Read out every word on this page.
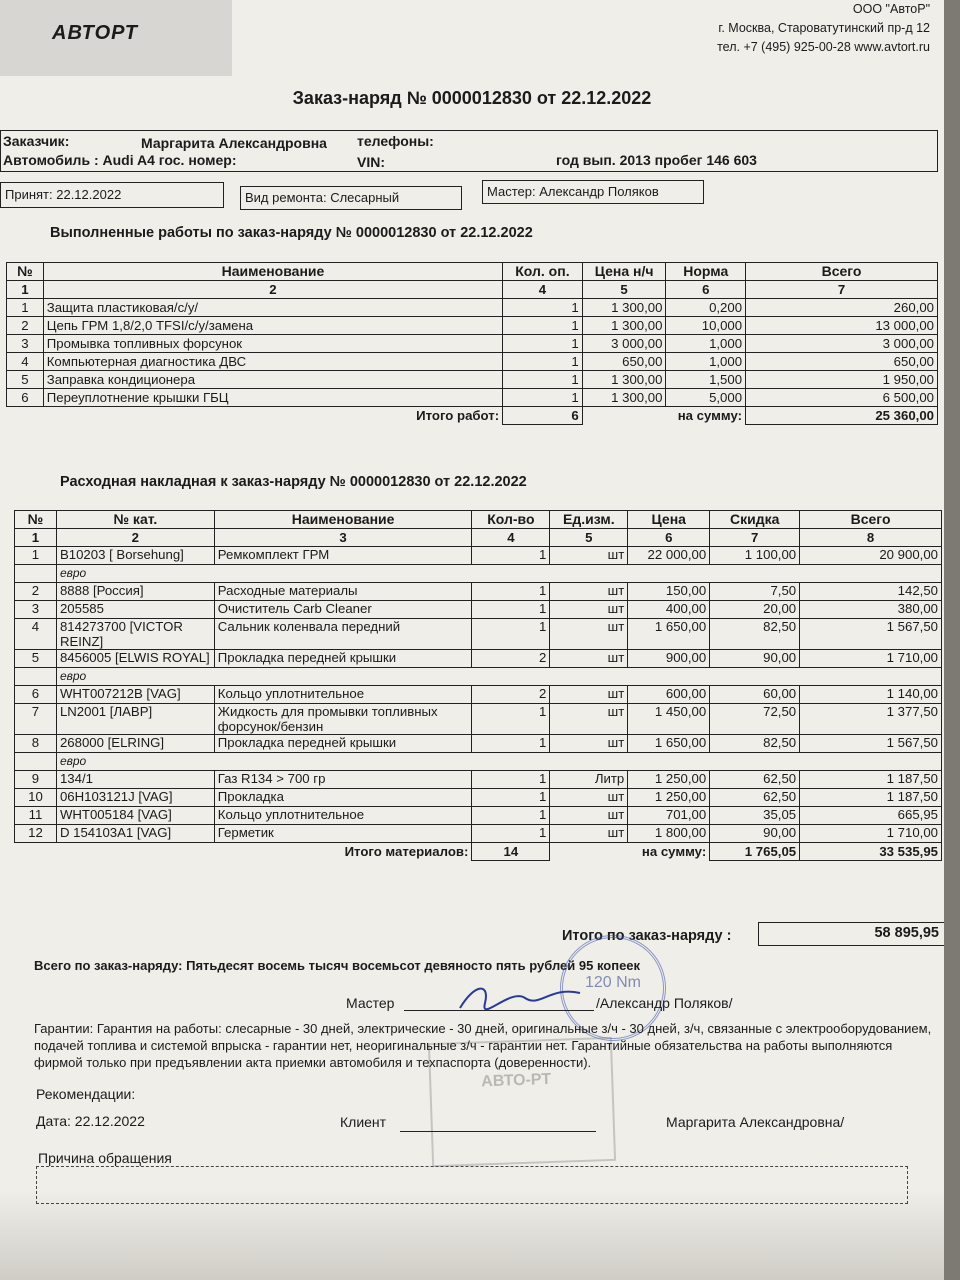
АВТОРТ
ООО "АвтоР"
г. Москва, Староватутинский пр-д 12
тел. +7 (495) 925-00-28 www.avtort.ru
Заказ-наряд № 0000012830 от 22.12.2022
Заказчик:	Маргарита Александровна телефоны:
Автомобиль : Audi A4 гос. номер:	VIN:	год вып. 2013 пробег 146 603
Принят: 22.12.2022	Вид ремонта: Слесарный	Мастер: Александр Поляков
Выполненные работы по заказ-наряду № 0000012830 от 22.12.2022
№	Наименование	Кол. оп.	Цена н/ч	Норма	Всего
1	2	4	5	6	7
1	Защита пластиковая/с/у/	1	1 300,00	0,200	260,00
2	Цепь ГРМ 1,8/2,0 TFSI/с/у/замена	1	1 300,00	10,000	13 000,00
3	Промывка топливных форсунок	1	3 000,00	1,000	3 000,00
4	Компьютерная диагностика ДВС	1	650,00	1,000	650,00
5	Заправка кондиционера	1	1 300,00	1,500	1 950,00
6	Переуплотнение крышки ГБЦ	1	1 300,00	5,000	6 500,00
Итого работ:		6	на сумму:		25 360,00
Расходная накладная к заказ-наряду № 0000012830 от 22.12.2022
№	№ кат.	Наименование	Кол-во	Ед.изм.	Цена	Скидка	Всего
1	2	3	4	5	6	7	8
1	B10203 [ Borsehung]	Ремкомплект ГРМ	1	шт	22 000,00	1 100,00	20 900,00
	евро						
2	8888 [Россия]	Расходные материалы	1	шт	150,00	7,50	142,50
3	205585	Очиститель Carb Cleaner	1	шт	400,00	20,00	380,00
4	814273700 [VICTOR REINZ]	Сальник коленвала передний	1	шт	1 650,00	82,50	1 567,50
5	8456005 [ELWIS ROYAL]	Прокладка передней крышки	2	шт	900,00	90,00	1 710,00
	евро						
6	WHT007212B [VAG]	Кольцо уплотнительное	2	шт	600,00	60,00	1 140,00
7	LN2001 [ЛАВР]	Жидкость для промывки топливных форсунок/бензин	1	шт	1 450,00	72,50	1 377,50
8	268000 [ELRING]	Прокладка передней крышки	1	шт	1 650,00	82,50	1 567,50
	евро						
9	134/1	Газ R134 > 700 гр	1	Литр	1 250,00	62,50	1 187,50
10	06H103121J [VAG]	Прокладка	1	шт	1 250,00	62,50	1 187,50
11	WHT005184 [VAG]	Кольцо уплотнительное	1	шт	701,00	35,05	665,95
12	D 154103A1 [VAG]	Герметик	1	шт	1 800,00	90,00	1 710,00
Итого материалов:			14	на сумму:		1 765,05	33 535,95
Итого по заказ-наряду :	58 895,95
Всего по заказ-наряду: Пятьдесят восемь тысяч восемьсот девяносто пять рублей 95 копеек
120 Nm
АВТО-РТ
Мастер	/Александр Поляков/
Гарантии: Гарантия на работы: слесарные - 30 дней, электрические - 30 дней, оригинальные з/ч - 30 дней, з/ч, связанные с электрооборудованием, подачей топлива и системой впрыска - гарантии нет, неоригинальные з/ч - гарантии нет. Гарантийные обязательства на работы выполняются фирмой только при предъявлении акта приемки автомобиля и техпаспорта (доверенности).
Рекомендации:
Дата: 22.12.2022	Клиент	Маргарита Александровна/
Причина обращения
